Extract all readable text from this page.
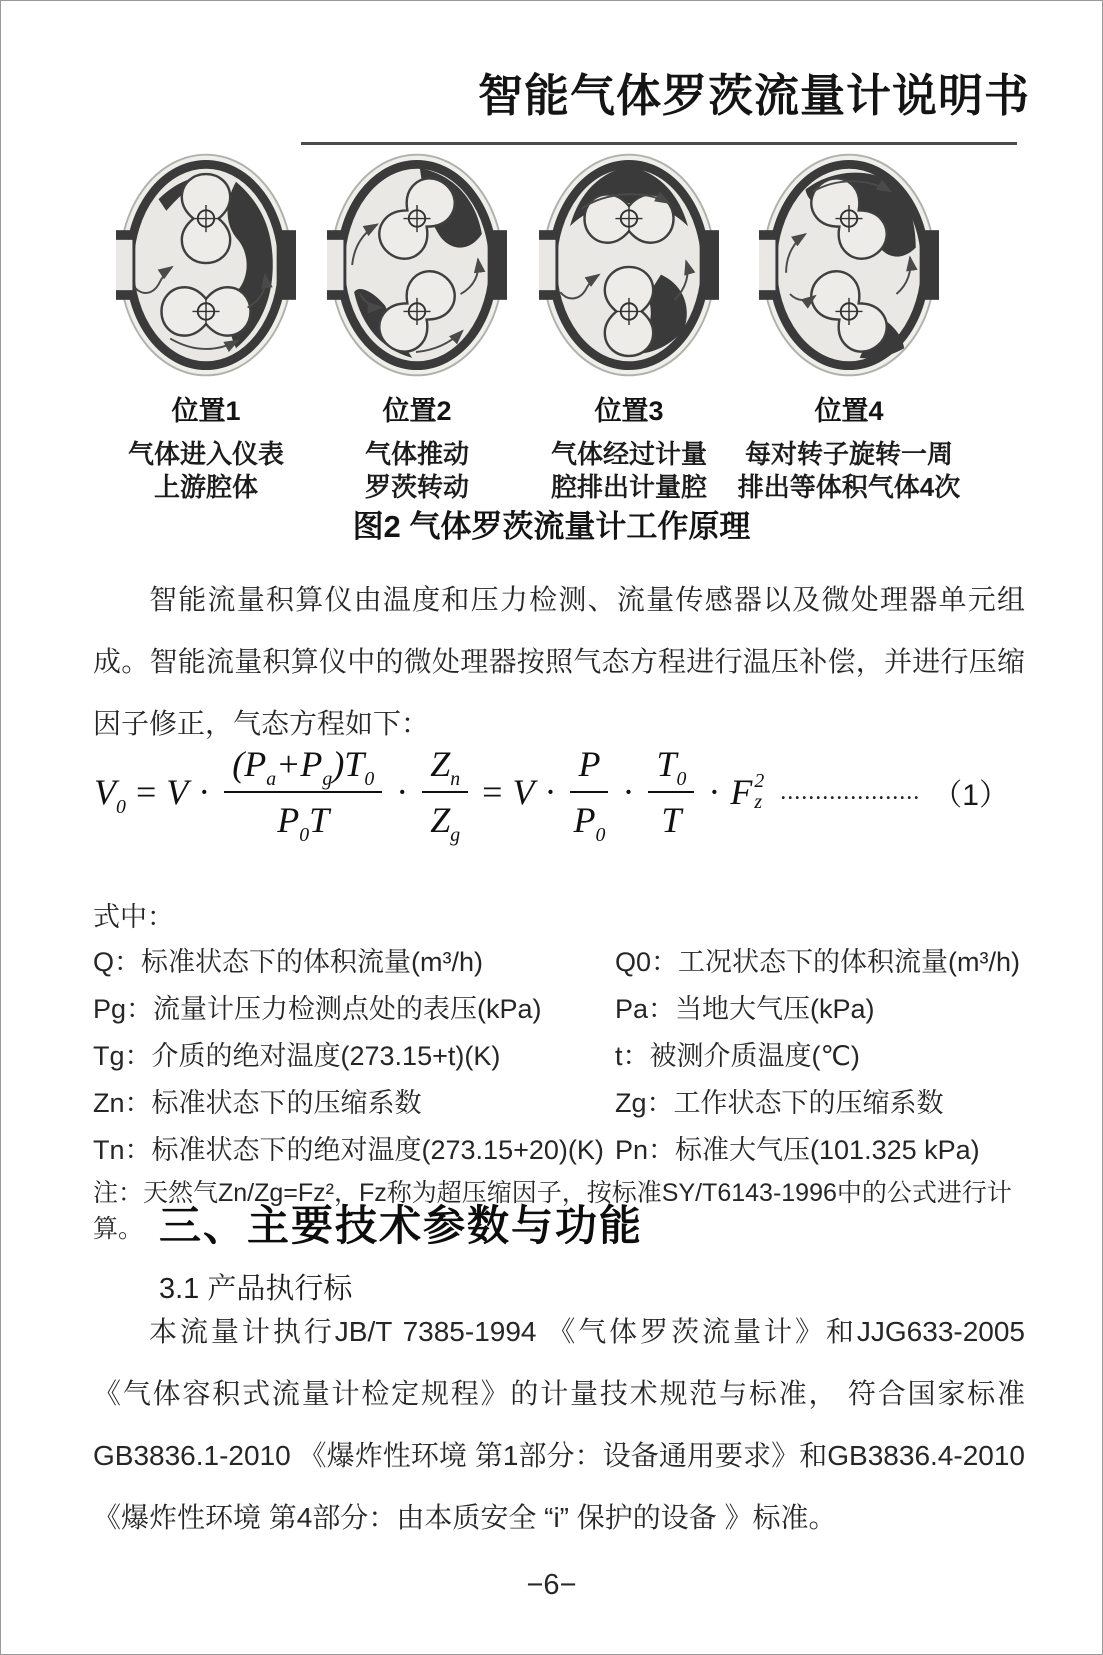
智能气体罗茨流量计说明书
位置1
气体进入仪表
上游腔体
位置2
气体推动
罗茨转动
位置3
气体经过计量
腔排出计量腔
位置4
每对转子旋转一周
排出等体积气体4次
图2 气体罗茨流量计工作原理
智能流量积算仪由温度和压力检测、流量传感器以及微处理器单元组成。智能流量积算仪中的微处理器按照气态方程进行温压补偿，并进行压缩因子修正，气态方程如下：
$V_0 = V \cdot \frac{(P_a+P_g)T_0}{P_0T} \cdot \frac{Z_n}{Z_g} = V \cdot \frac{P}{P_0} \cdot \frac{T_0}{T} \cdot F$ 2
z .................... （1）
式中：
Q：标准状态下的体积流量(m³/h)	Q0：工况状态下的体积流量(m³/h)
Pg：流量计压力检测点处的表压(kPa)	Pa：当地大气压(kPa)
Tg：介质的绝对温度(273.15+t)(K)	t：被测介质温度(℃)
Zn：标准状态下的压缩系数	Zg：工作状态下的压缩系数
Tn：标准状态下的绝对温度(273.15+20)(K) Pn：标准大气压(101.325 kPa)
注：天然气Zn/Zg=Fz²，Fz称为超压缩因子，按标准SY/T6143-1996中的公式进行计算。 三、主要技术参数与功能
3.1 产品执行标
本流量计执行JB/T 7385-1994 《气体罗茨流量计》和JJG633-2005《气体容积式流量计检定规程》的计量技术规范与标准， 符合国家标准GB3836.1-2010 《爆炸性环境 第1部分：设备通用要求》和GB3836.4-2010《爆炸性环境 第4部分：由本质安全 “i” 保护的设备 》标准。
−6−
